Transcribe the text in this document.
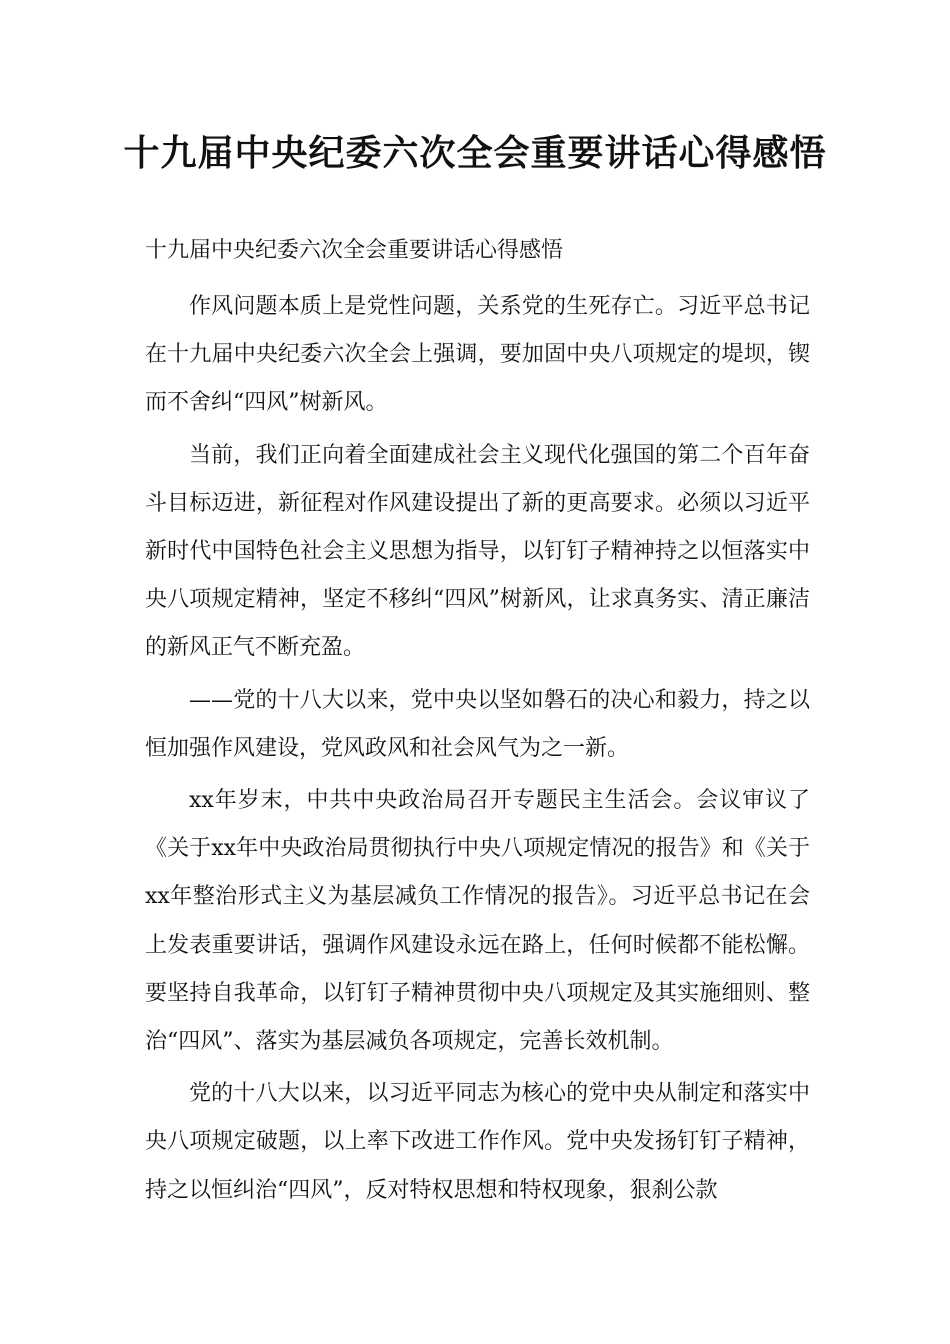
十九届中央纪委六次全会重要讲话心得感悟

十九届中央纪委六次全会重要讲话心得感悟

作风问题本质上是党性问题，关系党的生死存亡。习近平总书记在十九届中央纪委六次全会上强调，要加固中央八项规定的堤坝，锲而不舍纠“四风”树新风。

当前，我们正向着全面建成社会主义现代化强国的第二个百年奋斗目标迈进，新征程对作风建设提出了新的更高要求。必须以习近平新时代中国特色社会主义思想为指导，以钉钉子精神持之以恒落实中央八项规定精神，坚定不移纠“四风”树新风，让求真务实、清正廉洁的新风正气不断充盈。

——党的十八大以来，党中央以坚如磐石的决心和毅力，持之以恒加强作风建设，党风政风和社会风气为之一新。

xx年岁末，中共中央政治局召开专题民主生活会。会议审议了《关于xx年中央政治局贯彻执行中央八项规定情况的报告》和《关于xx年整治形式主义为基层减负工作情况的报告》。习近平总书记在会上发表重要讲话，强调作风建设永远在路上，任何时候都不能松懈。要坚持自我革命，以钉钉子精神贯彻中央八项规定及其实施细则、整治“四风”、落实为基层减负各项规定，完善长效机制。

党的十八大以来，以习近平同志为核心的党中央从制定和落实中央八项规定破题，以上率下改进工作作风。党中央发扬钉钉子精神，持之以恒纠治“四风”，反对特权思想和特权现象，狠刹公款
